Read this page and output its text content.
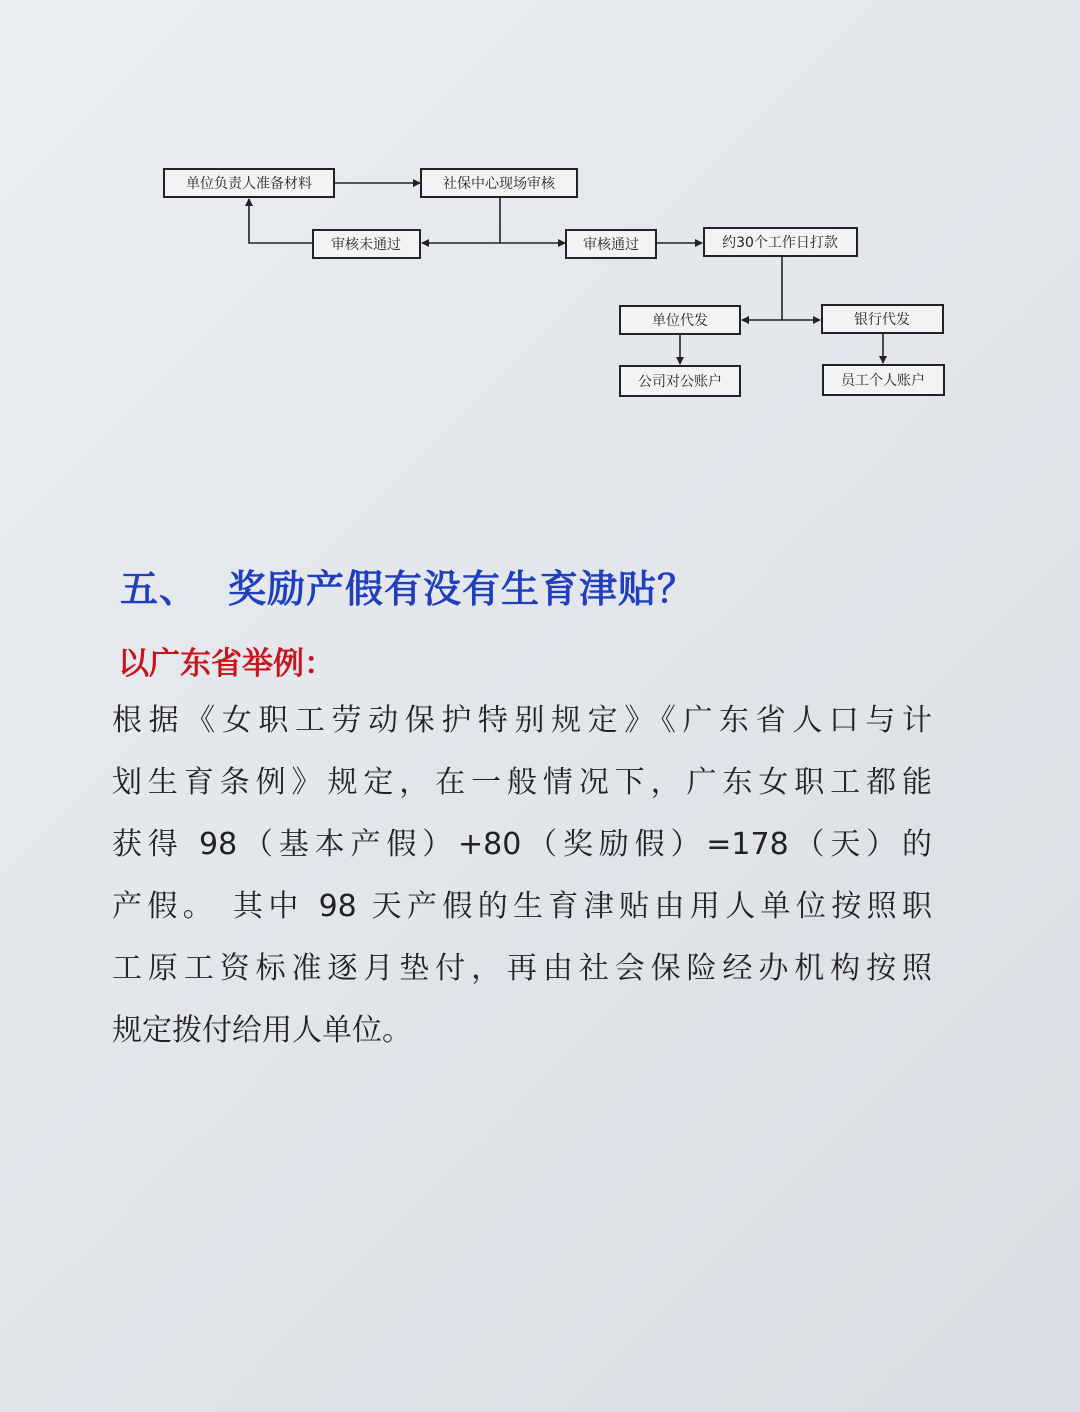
单位负责人准备材料	社保中心现场审核
审核未通过	审核通过	约30个工作日打款
单位代发	银行代发
公司对公账户	员工个人账户
五、 奖励产假有没有生育津贴？
以广东省举例：
根据《女职工劳动保护特别规定》《广东省人口与计
划生育条例》规定，在一般情况下，广东女职工都能
获得 98（基本产假）+80（奖励假）=178（天）的
产假。 其中 98 天产假的生育津贴由用人单位按照职
工原工资标准逐月垫付，再由社会保险经办机构按照
规定拨付给用人单位。
